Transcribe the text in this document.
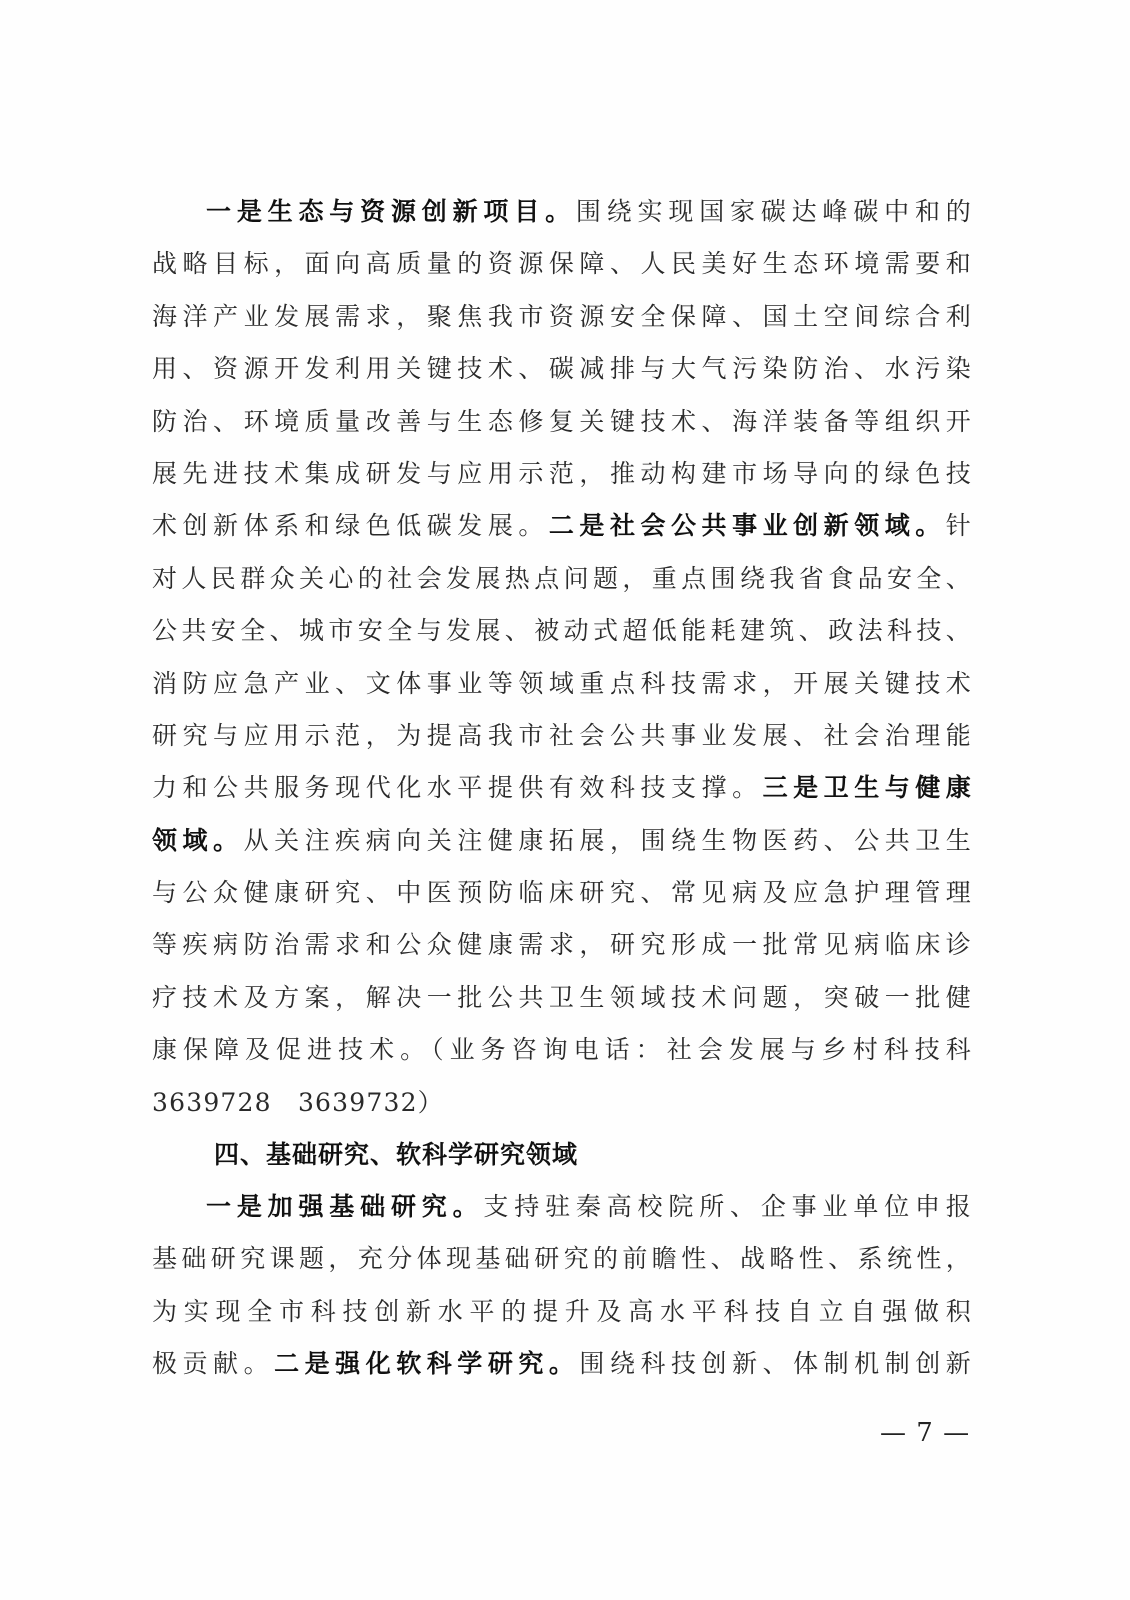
一是生态与资源创新项目。围绕实现国家碳达峰碳中和的
战略目标，面向高质量的资源保障、人民美好生态环境需要和
海洋产业发展需求，聚焦我市资源安全保障、国土空间综合利
用、资源开发利用关键技术、碳减排与大气污染防治、水污染
防治、环境质量改善与生态修复关键技术、海洋装备等组织开
展先进技术集成研发与应用示范，推动构建市场导向的绿色技
术创新体系和绿色低碳发展。二是社会公共事业创新领域。针
对人民群众关心的社会发展热点问题，重点围绕我省食品安全、
公共安全、城市安全与发展、被动式超低能耗建筑、政法科技、
消防应急产业、文体事业等领域重点科技需求，开展关键技术
研究与应用示范，为提高我市社会公共事业发展、社会治理能
力和公共服务现代化水平提供有效科技支撑。三是卫生与健康
领域。从关注疾病向关注健康拓展，围绕生物医药、公共卫生
与公众健康研究、中医预防临床研究、常见病及应急护理管理
等疾病防治需求和公众健康需求，研究形成一批常见病临床诊
疗技术及方案，解决一批公共卫生领域技术问题，突破一批健
康保障及促进技术。（业务咨询电话：社会发展与乡村科技科
3639728　3639732）
四、基础研究、软科学研究领域
一是加强基础研究。支持驻秦高校院所、企事业单位申报
基础研究课题，充分体现基础研究的前瞻性、战略性、系统性，
为实现全市科技创新水平的提升及高水平科技自立自强做积
极贡献。二是强化软科学研究。围绕科技创新、体制机制创新
— 7 —
